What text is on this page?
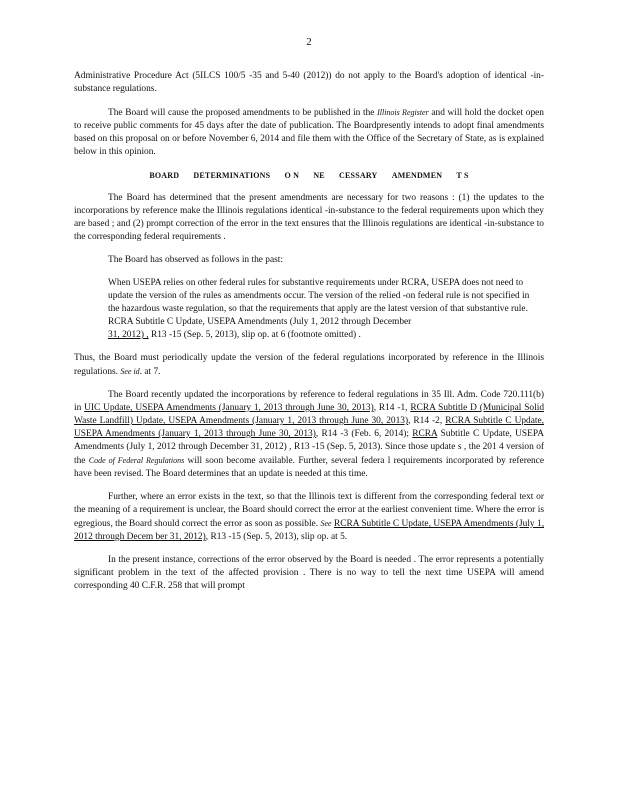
2

Administrative Procedure Act (5ILCS 100/5 -35 and 5-40 (2012)) do not apply to the Board's adoption of identical -in-substance regulations.

The Board will cause the proposed amendments to be published in the Illinois Register and will hold the docket open to receive public comments for 45 days after the date of publication. The Boardpresently intends to adopt final amendments based on this proposal on or before November 6, 2014 and file them with the Office of the Secretary of State, as is explained below in this opinion.

BOARD DETERMINATIONS O N NE CESSARY AMENDMEN T S

The Board has determined that the present amendments are necessary for two reasons : (1) the updates to the incorporations by reference make the Illinois regulations identical -in-substance to the federal requirements upon which they are based ; and (2) prompt correction of the error in the text ensures that the Illinois regulations are identical -in-substance to the corresponding federal requirements .

The Board has observed as follows in the past:

When USEPA relies on other federal rules for substantive requirements under RCRA, USEPA does not need to update the version of the rules as amendments occur. The version of the relied -on federal rule is not specified in the hazardous waste regulation, so that the requirements that apply are the latest version of that substantive rule.
RCRA Subtitle C Update, USEPA Amendments (July 1, 2012 through December
31, 2012) , R13 -15 (Sep. 5, 2013), slip op. at 6 (footnote omitted) .

Thus, the Board must periodically update the version of the federal regulations incorporated by reference in the Illinois regulations. See id. at 7.

The Board recently updated the incorporations by reference to federal regulations in 35 Ill. Adm. Code 720.111(b) in UIC Update, USEPA Amendments (January 1, 2013 through June 30, 2013), R14 -1, RCRA Subtitle D (Municipal Solid Waste Landfill) Update, USEPA Amendments (January 1, 2013 through June 30, 2013), R14 -2, RCRA Subtitle C Update, USEPA Amendments (January 1, 2013 through June 30, 2013), R14 -3 (Feb. 6, 2014); RCRA Subtitle C Update, USEPA Amendments (July 1, 2012 through December 31, 2012) , R13 -15 (Sep. 5, 2013). Since those update s , the 201 4 version of the Code of Federal Regulations will soon become available. Further, several federa l requirements incorporated by reference have been revised. The Board determines that an update is needed at this time.

Further, where an error exists in the text, so that the Illinois text is different from the corresponding federal text or the meaning of a requirement is unclear, the Board should correct the error at the earliest convenient time. Where the error is egregious, the Board should correct the error as soon as possible. See RCRA Subtitle C Update, USEPA Amendments (July 1, 2012 through Decem ber 31, 2012), R13 -15 (Sep. 5, 2013), slip op. at 5.

In the present instance, corrections of the error observed by the Board is needed . The error represents a potentially significant problem in the text of the affected provision . There is no way to tell the next time USEPA will amend corresponding 40 C.F.R. 258 that will prompt
